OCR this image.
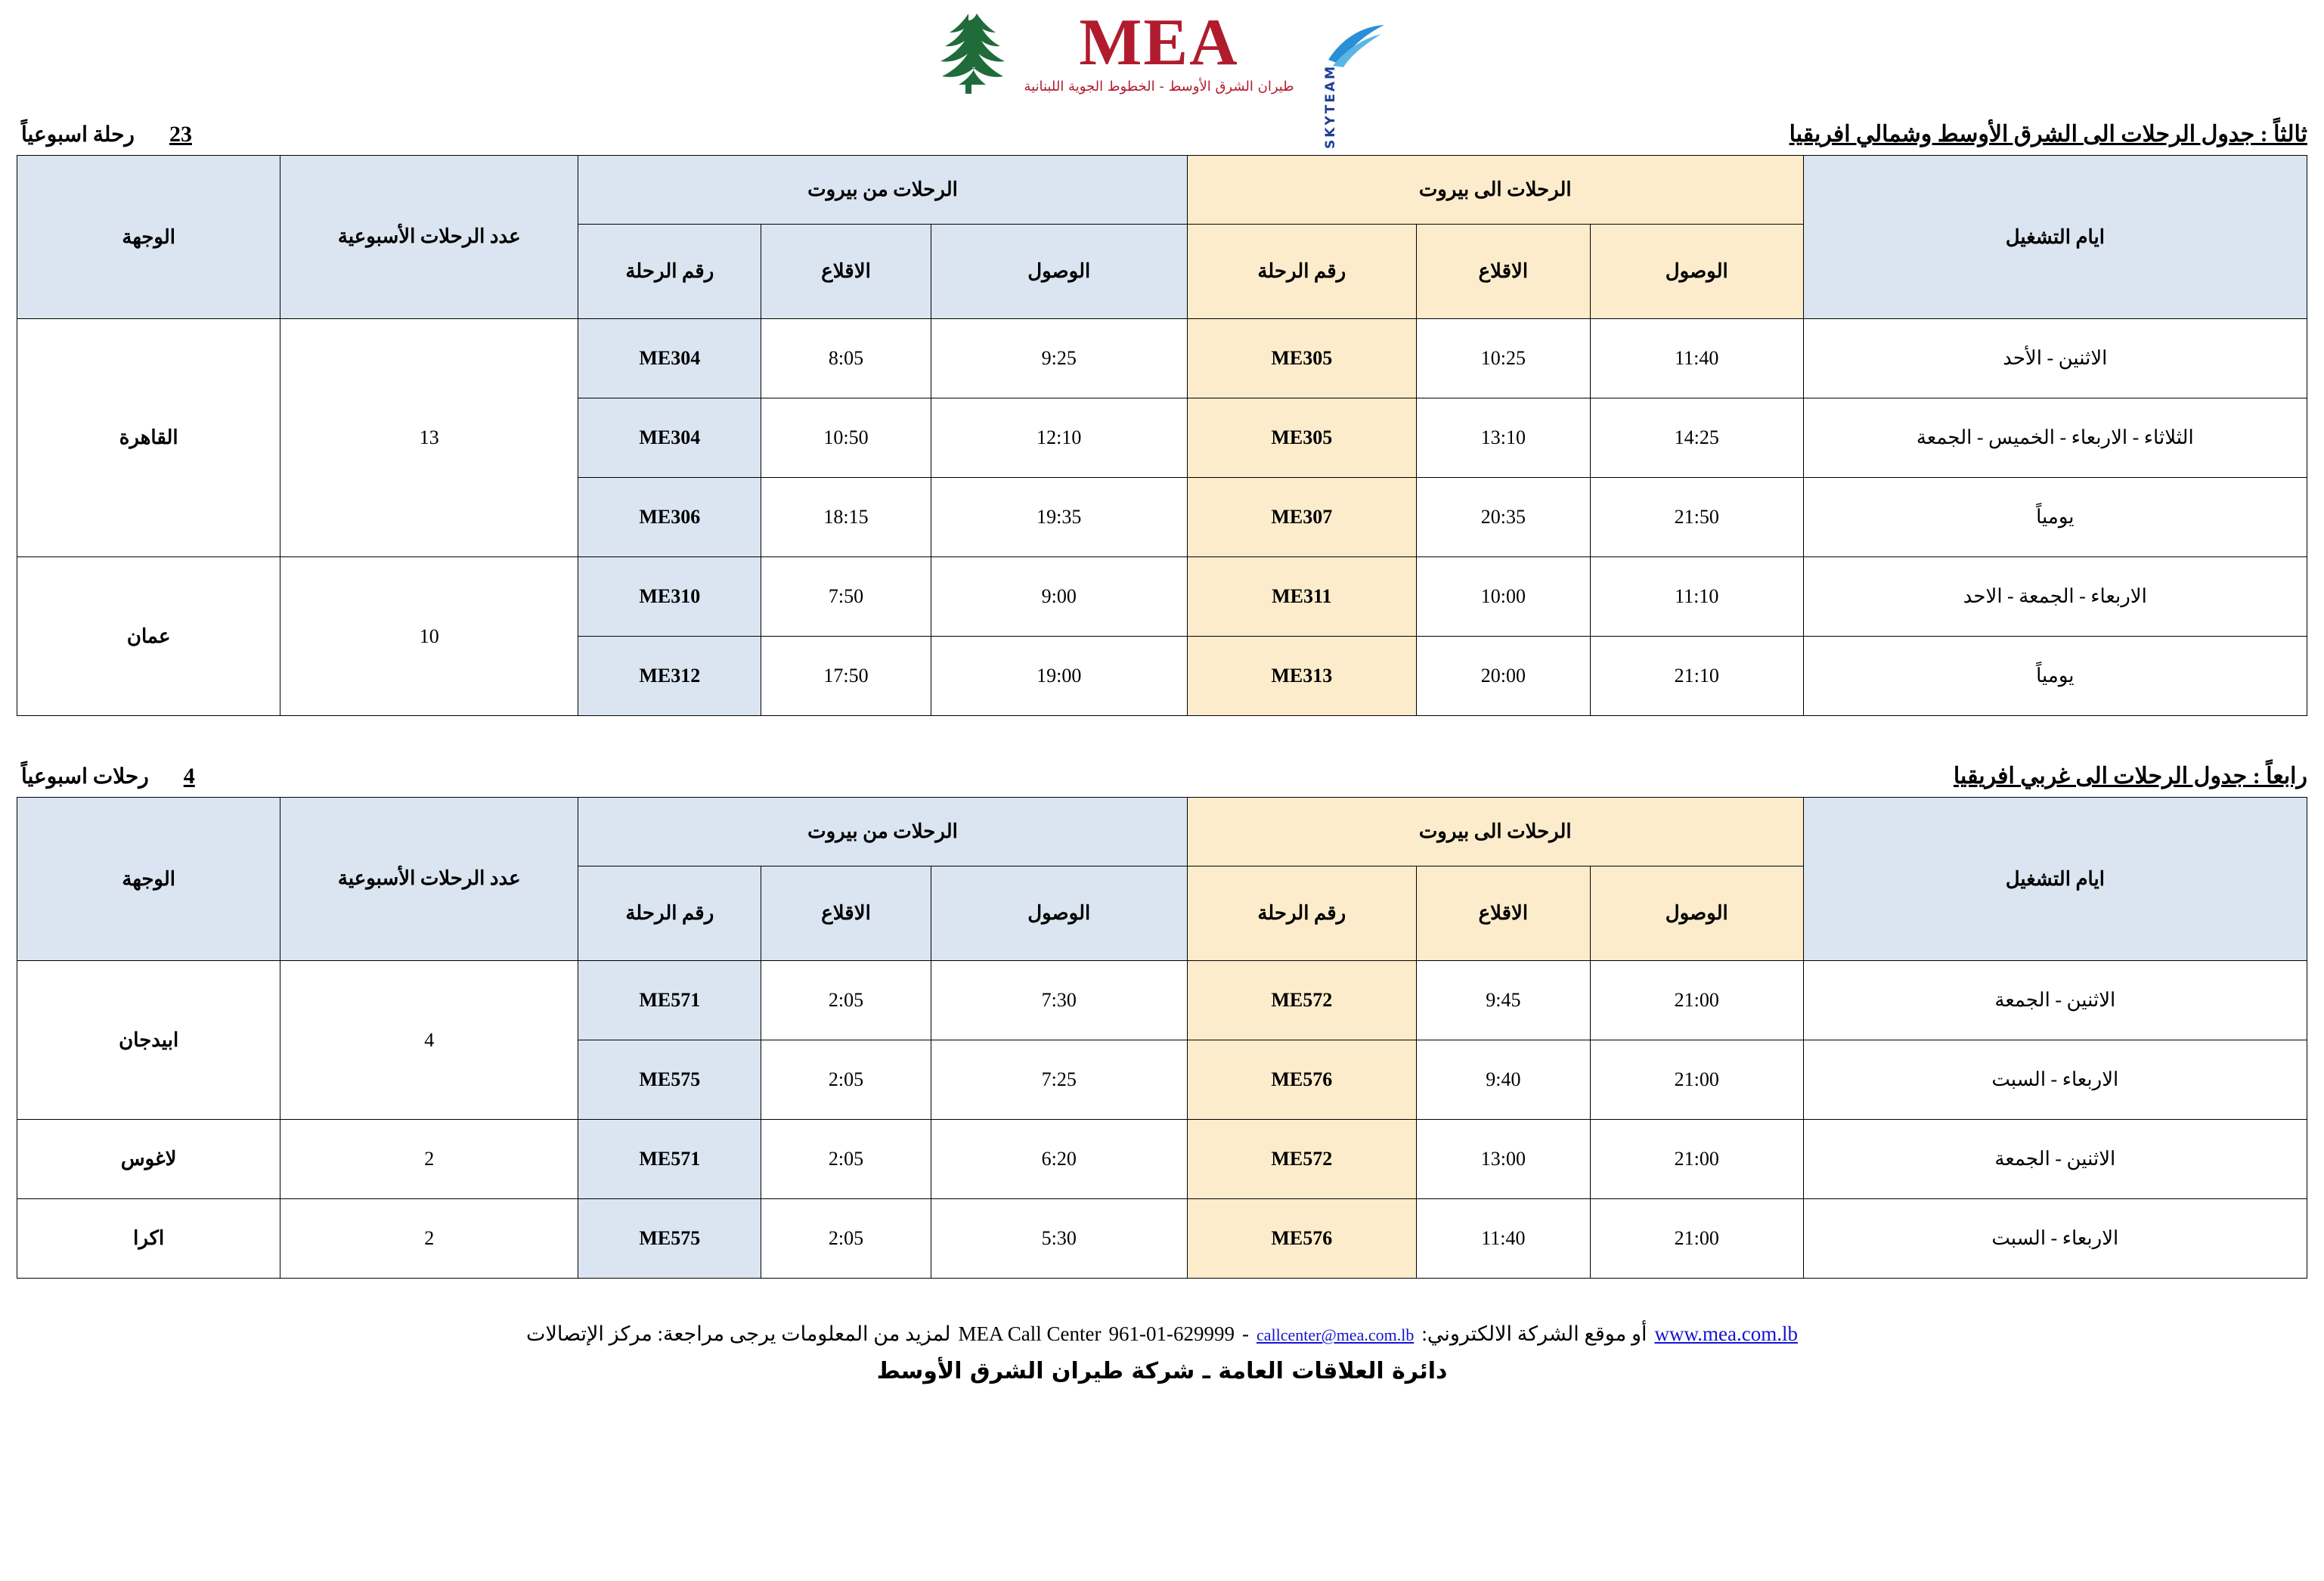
MEA
طيران الشرق الأوسط - الخطوط الجوية اللبنانية SKYTEAM	ثالثاً : جدول الرحلات الى الشرق الأوسط وشمالي افريقيا
23
رحلة اسبوعياً
ايام التشغيل	الرحلات الى بيروت			الرحلات من بيروت			عدد الرحلات الأسبوعية	الوجهة
	الوصول	الاقلاع	رقم الرحلة	الوصول	الاقلاع	رقم الرحلة		
الاثنين - الأحد	11:40	10:25	ME305	9:25	8:05	ME304	13	القاهرة
الثلاثاء - الاربعاء - الخميس - الجمعة	14:25	13:10	ME305	12:10	10:50	ME304		
يومياً	21:50	20:35	ME307	19:35	18:15	ME306		
الاربعاء - الجمعة - الاحد	11:10	10:00	ME311	9:00	7:50	ME310	10	عمان
يومياً	21:10	20:00	ME313	19:00	17:50	ME312		
رابعاً : جدول الرحلات الى غربي افريقيا
4
رحلات اسبوعياً
ايام التشغيل	الرحلات الى بيروت			الرحلات من بيروت			عدد الرحلات الأسبوعية	الوجهة
	الوصول	الاقلاع	رقم الرحلة	الوصول	الاقلاع	رقم الرحلة		
الاثنين - الجمعة	21:00	9:45	ME572	7:30	2:05	ME571	4	ابيدجان
الاربعاء - السبت	21:00	9:40	ME576	7:25	2:05	ME575		
الاثنين - الجمعة	21:00	13:00	ME572	6:20	2:05	ME571	2	لاغوس
الاربعاء - السبت	21:00	11:40	ME576	5:30	2:05	ME575	2	اكرا
www.mea.com.lb
أو موقع الشركة الالكتروني:
callcenter@mea.com.lb
-
961-01-629999
MEA Call Center
لمزيد من المعلومات يرجى مراجعة: مركز الإتصالات
دائرة العلاقات العامة ـ شركة طيران الشرق الأوسط
